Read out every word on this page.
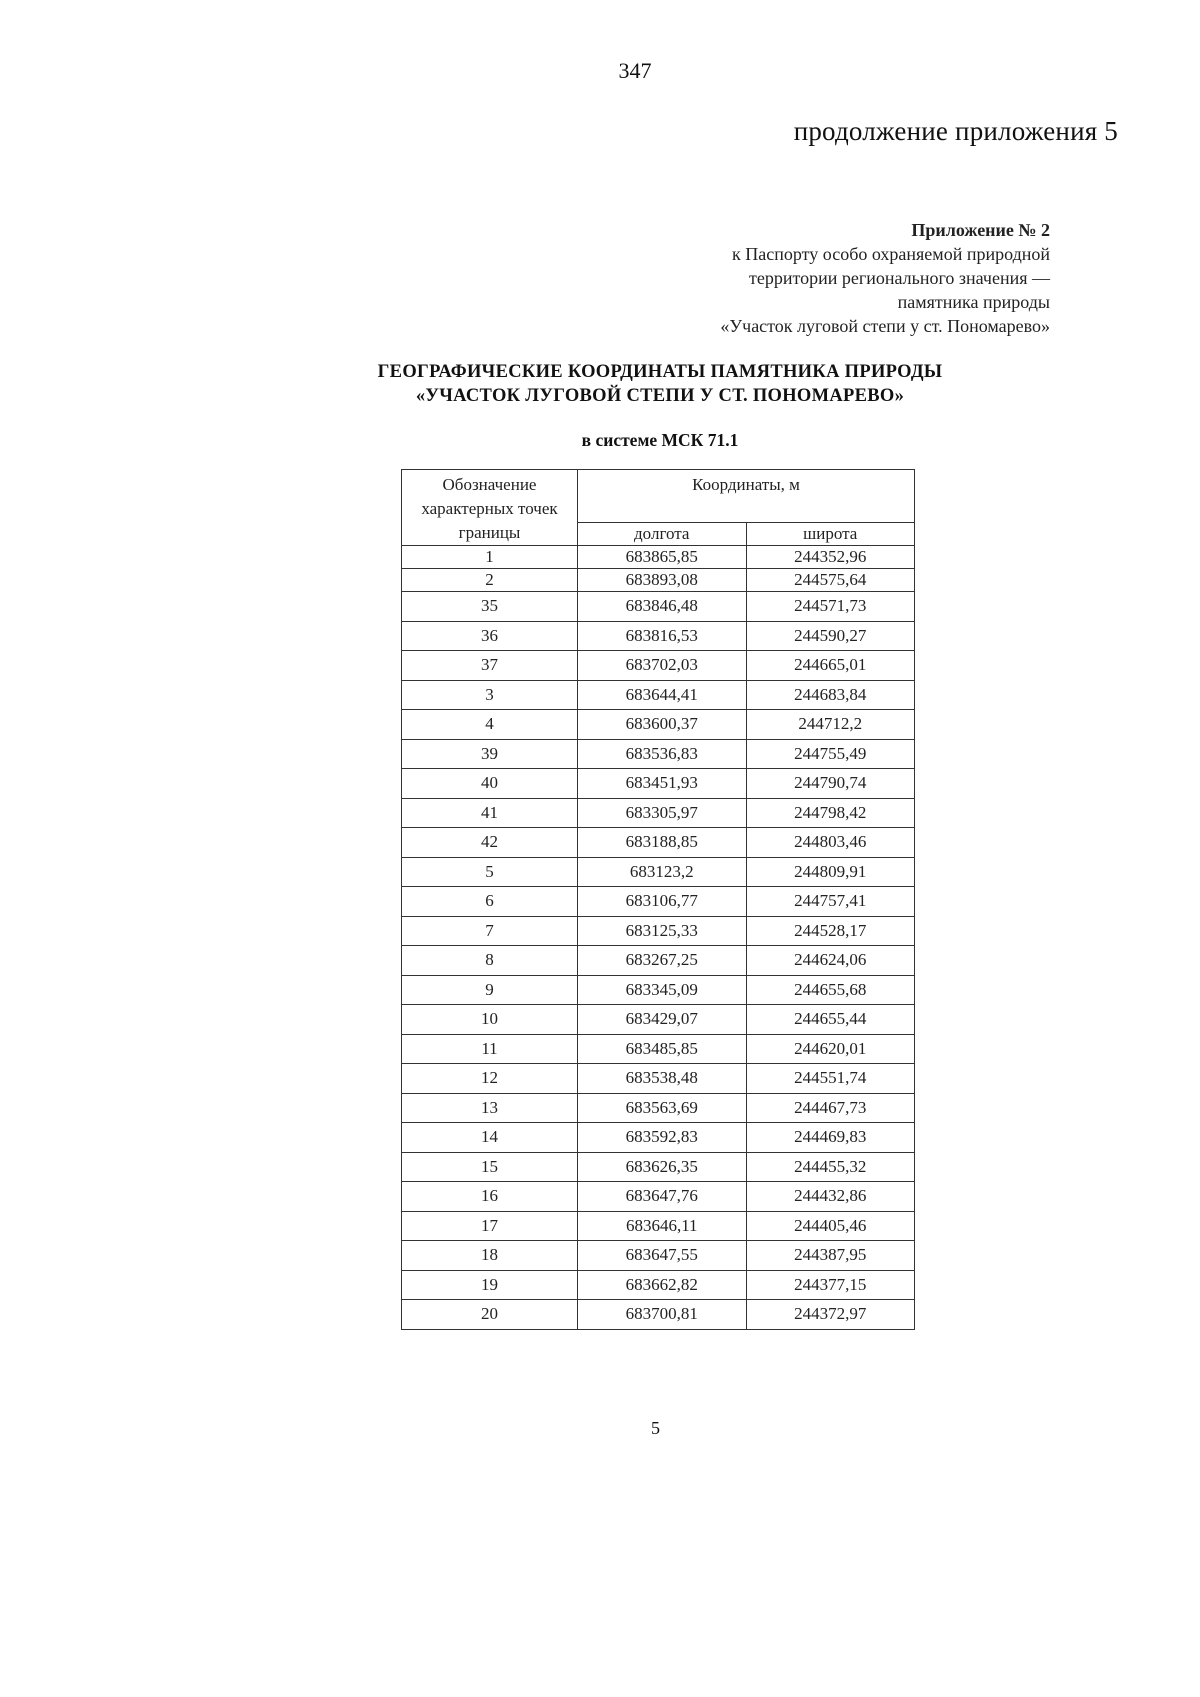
347
продолжение приложения 5
Приложение № 2
к Паспорту особо охраняемой природной
территории регионального значения —
памятника природы
«Участок луговой степи у ст. Пономарево»
ГЕОГРАФИЧЕСКИЕ КООРДИНАТЫ ПАМЯТНИКА ПРИРОДЫ
«УЧАСТОК ЛУГОВОЙ СТЕПИ У СТ. ПОНОМАРЕВО»
в системе МСК 71.1
Обозначение характерных точек границы	Координаты, м	
	долгота	широта
1	683865,85	244352,96
2	683893,08	244575,64
35	683846,48	244571,73
36	683816,53	244590,27
37	683702,03	244665,01
3	683644,41	244683,84
4	683600,37	244712,2
39	683536,83	244755,49
40	683451,93	244790,74
41	683305,97	244798,42
42	683188,85	244803,46
5	683123,2	244809,91
6	683106,77	244757,41
7	683125,33	244528,17
8	683267,25	244624,06
9	683345,09	244655,68
10	683429,07	244655,44
11	683485,85	244620,01
12	683538,48	244551,74
13	683563,69	244467,73
14	683592,83	244469,83
15	683626,35	244455,32
16	683647,76	244432,86
17	683646,11	244405,46
18	683647,55	244387,95
19	683662,82	244377,15
20	683700,81	244372,97
5
